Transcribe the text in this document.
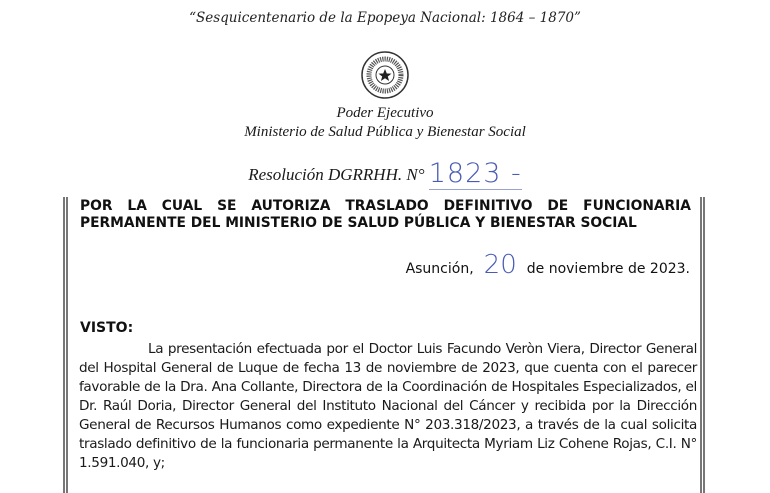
“Sesquicentenario de la Epopeya Nacional: 1864 – 1870”
Poder Ejecutivo
Ministerio de Salud Pública y Bienestar Social
Resolución DGRRHH. N° 1823 -
POR LA CUAL SE AUTORIZA TRASLADO DEFINITIVO DE FUNCIONARIA
PERMANENTE DEL MINISTERIO DE SALUD PÚBLICA Y BIENESTAR SOCIAL
Asunción, 20 de noviembre de 2023.
VISTO:
La presentación efectuada por el Doctor Luis Facundo Veròn Viera, Director General del Hospital General de Luque de fecha 13 de noviembre de 2023, que cuenta con el parecer favorable de la Dra. Ana Collante, Directora de la Coordinación de Hospitales Especializados, el Dr. Raúl Doria, Director General del Instituto Nacional del Cáncer y recibida por la Dirección General de Recursos Humanos como expediente N° 203.318/2023, a través de la cual solicita traslado definitivo de la funcionaria permanente la Arquitecta Myriam Liz Cohene Rojas, C.I. N° 1.591.040, y;
